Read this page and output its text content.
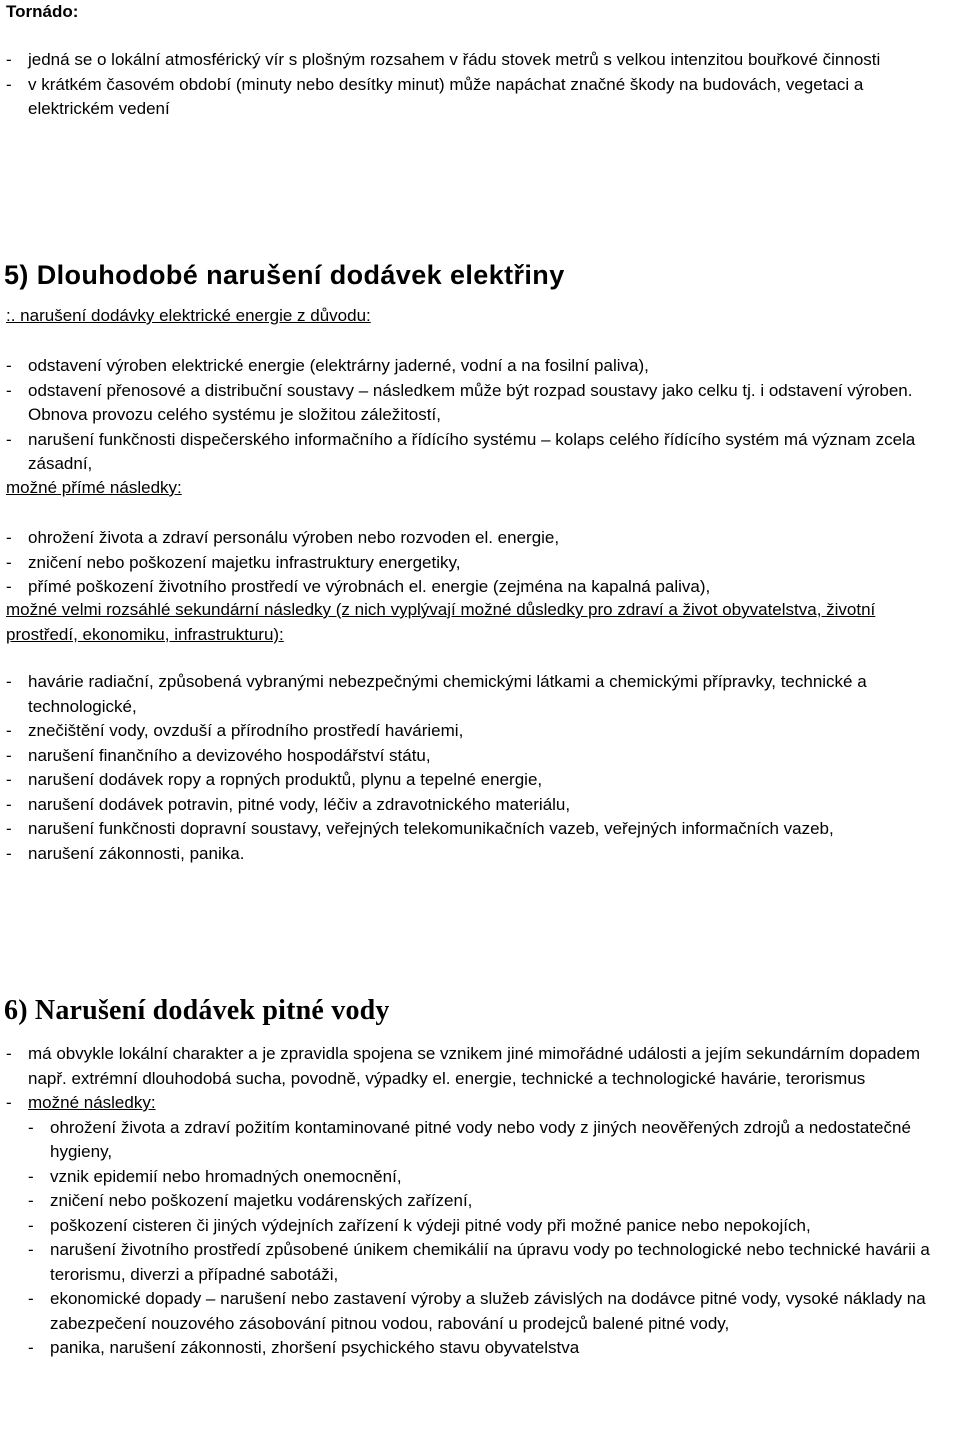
Tornádo:
- jedná se o lokální atmosférický vír s plošným rozsahem v řádu stovek metrů s velkou intenzitou bouřkové činnosti
- v krátkém časovém období (minuty nebo desítky minut) může napáchat značné škody na budovách, vegetaci a elektrickém vedení
5) Dlouhodobé narušení dodávek elektřiny
:. narušení dodávky elektrické energie z důvodu:
- odstavení výroben elektrické energie (elektrárny jaderné, vodní a na fosilní paliva),
- odstavení přenosové a distribuční soustavy – následkem může být rozpad soustavy jako celku tj. i odstavení výroben. Obnova provozu celého systému je složitou záležitostí,
- narušení funkčnosti dispečerského informačního a řídícího systému – kolaps celého řídícího systém má význam zcela zásadní,
možné přímé následky:
- ohrožení života a zdraví personálu výroben nebo rozvoden el. energie,
- zničení nebo poškození majetku infrastruktury energetiky,
- přímé poškození životního prostředí ve výrobnách el. energie (zejména na kapalná paliva),
možné velmi rozsáhlé sekundární následky (z nich vyplývají možné důsledky pro zdraví a život obyvatelstva, životní prostředí, ekonomiku, infrastrukturu):
- havárie radiační, způsobená vybranými nebezpečnými chemickými látkami a chemickými přípravky, technické a technologické,
- znečištění vody, ovzduší a přírodního prostředí haváriemi,
- narušení finančního a devizového hospodářství státu,
- narušení dodávek ropy a ropných produktů, plynu a tepelné energie,
- narušení dodávek potravin, pitné vody, léčiv a zdravotnického materiálu,
- narušení funkčnosti dopravní soustavy, veřejných telekomunikačních vazeb, veřejných informačních vazeb,
- narušení zákonnosti, panika.
6) Narušení dodávek pitné vody
- má obvykle lokální charakter a je zpravidla spojena se vznikem jiné mimořádné události a jejím sekundárním dopadem např. extrémní dlouhodobá sucha, povodně, výpadky el. energie, technické a technologické havárie, terorismus
- možné následky:
- ohrožení života a zdraví požitím kontaminované pitné vody nebo vody z jiných neověřených zdrojů a nedostatečné hygieny,
- vznik epidemií nebo hromadných onemocnění,
- zničení nebo poškození majetku vodárenských zařízení,
- poškození cisteren či jiných výdejních zařízení k výdeji pitné vody při možné panice nebo nepokojích,
- narušení životního prostředí způsobené únikem chemikálií na úpravu vody po technologické nebo technické havárii a terorismu, diverzi a případné sabotáži,
- ekonomické dopady – narušení nebo zastavení výroby a služeb závislých na dodávce pitné vody, vysoké náklady na zabezpečení nouzového zásobování pitnou vodou, rabování u prodejců balené pitné vody,
- panika, narušení zákonnosti, zhoršení psychického stavu obyvatelstva
